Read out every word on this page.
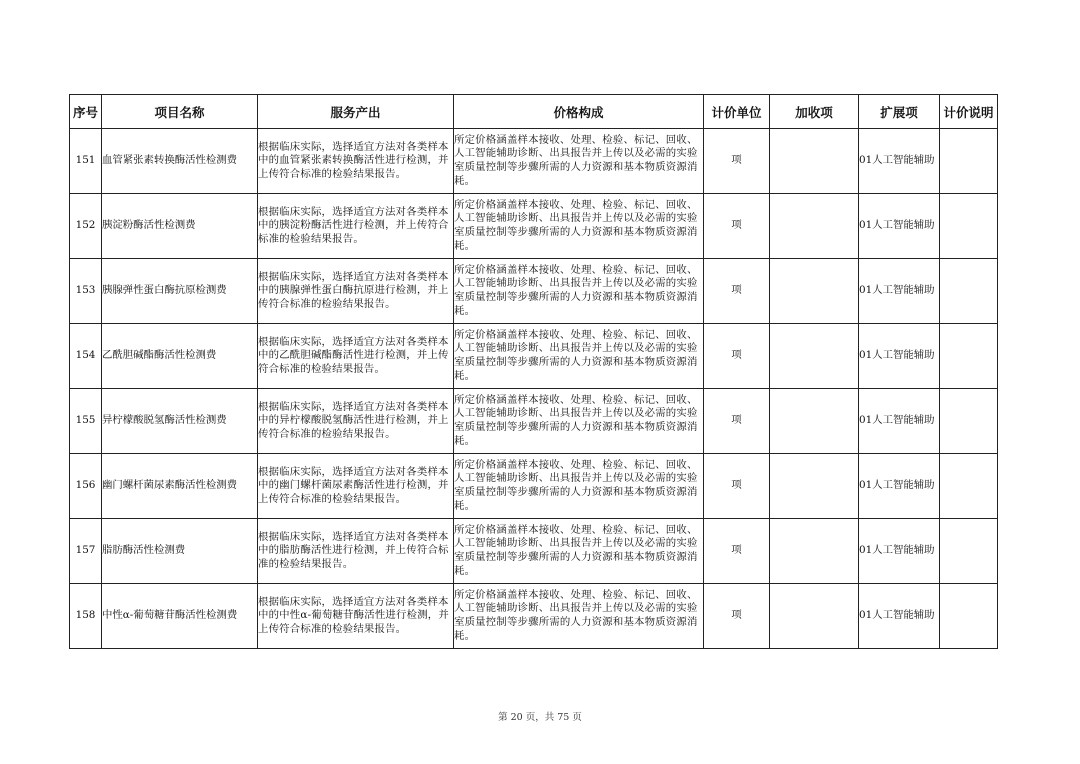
序号	项目名称	服务产出	价格构成	计价单位	加收项	扩展项	计价说明
151	血管紧张素转换酶活性检测费	根据临床实际，选择适宜方法对各类样本中的血管紧张素转换酶活性进行检测，并上传符合标准的检验结果报告。	所定价格涵盖样本接收、处理、检验、标记、回收、人工智能辅助诊断、出具报告并上传以及必需的实验室质量控制等步骤所需的人力资源和基本物质资源消耗。	项		01人工智能辅助	
152	胰淀粉酶活性检测费	根据临床实际，选择适宜方法对各类样本中的胰淀粉酶活性进行检测，并上传符合标准的检验结果报告。	所定价格涵盖样本接收、处理、检验、标记、回收、人工智能辅助诊断、出具报告并上传以及必需的实验室质量控制等步骤所需的人力资源和基本物质资源消耗。	项		01人工智能辅助	
153	胰腺弹性蛋白酶抗原检测费	根据临床实际，选择适宜方法对各类样本中的胰腺弹性蛋白酶抗原进行检测，并上传符合标准的检验结果报告。	所定价格涵盖样本接收、处理、检验、标记、回收、人工智能辅助诊断、出具报告并上传以及必需的实验室质量控制等步骤所需的人力资源和基本物质资源消耗。	项		01人工智能辅助	
154	乙酰胆碱酯酶活性检测费	根据临床实际，选择适宜方法对各类样本中的乙酰胆碱酯酶活性进行检测，并上传符合标准的检验结果报告。	所定价格涵盖样本接收、处理、检验、标记、回收、人工智能辅助诊断、出具报告并上传以及必需的实验室质量控制等步骤所需的人力资源和基本物质资源消耗。	项		01人工智能辅助	
155	异柠檬酸脱氢酶活性检测费	根据临床实际，选择适宜方法对各类样本中的异柠檬酸脱氢酶活性进行检测，并上传符合标准的检验结果报告。	所定价格涵盖样本接收、处理、检验、标记、回收、人工智能辅助诊断、出具报告并上传以及必需的实验室质量控制等步骤所需的人力资源和基本物质资源消耗。	项		01人工智能辅助	
156	幽门螺杆菌尿素酶活性检测费	根据临床实际，选择适宜方法对各类样本中的幽门螺杆菌尿素酶活性进行检测，并上传符合标准的检验结果报告。	所定价格涵盖样本接收、处理、检验、标记、回收、人工智能辅助诊断、出具报告并上传以及必需的实验室质量控制等步骤所需的人力资源和基本物质资源消耗。	项		01人工智能辅助	
157	脂肪酶活性检测费	根据临床实际，选择适宜方法对各类样本中的脂肪酶活性进行检测，并上传符合标准的检验结果报告。	所定价格涵盖样本接收、处理、检验、标记、回收、人工智能辅助诊断、出具报告并上传以及必需的实验室质量控制等步骤所需的人力资源和基本物质资源消耗。	项		01人工智能辅助	
158	中性α-葡萄糖苷酶活性检测费	根据临床实际，选择适宜方法对各类样本中的中性α-葡萄糖苷酶活性进行检测，并上传符合标准的检验结果报告。	所定价格涵盖样本接收、处理、检验、标记、回收、人工智能辅助诊断、出具报告并上传以及必需的实验室质量控制等步骤所需的人力资源和基本物质资源消耗。	项		01人工智能辅助	
第 20 页，共 75 页
